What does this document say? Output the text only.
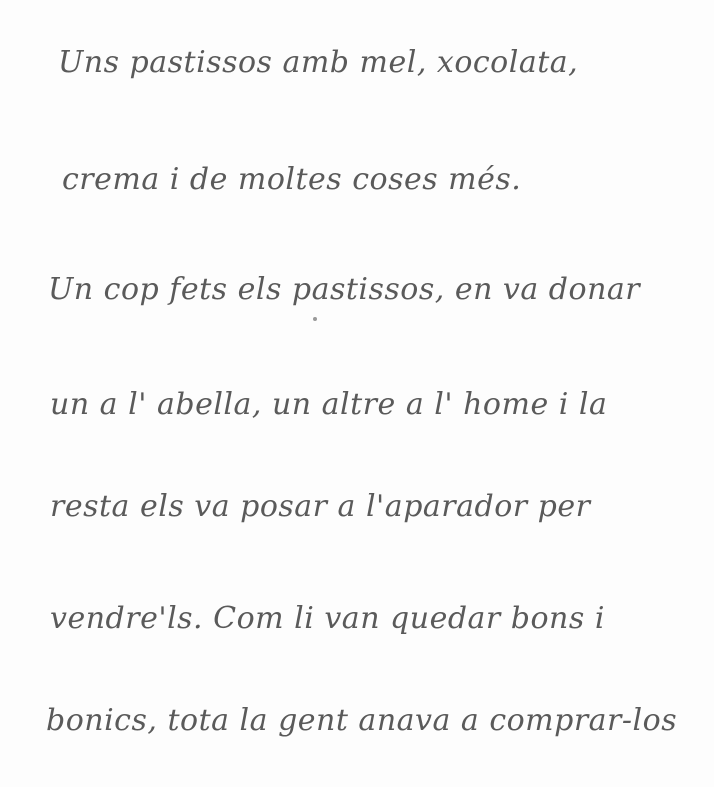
Uns pastissos amb mel, xocolata,
crema i de moltes coses més.
Un cop fets els pastissos, en va donar
un a l' abella, un altre a l' home i la
resta els va posar a l'aparador per
vendre'ls. Com li van quedar bons i
bonics, tota la gent anava a comprar-los
